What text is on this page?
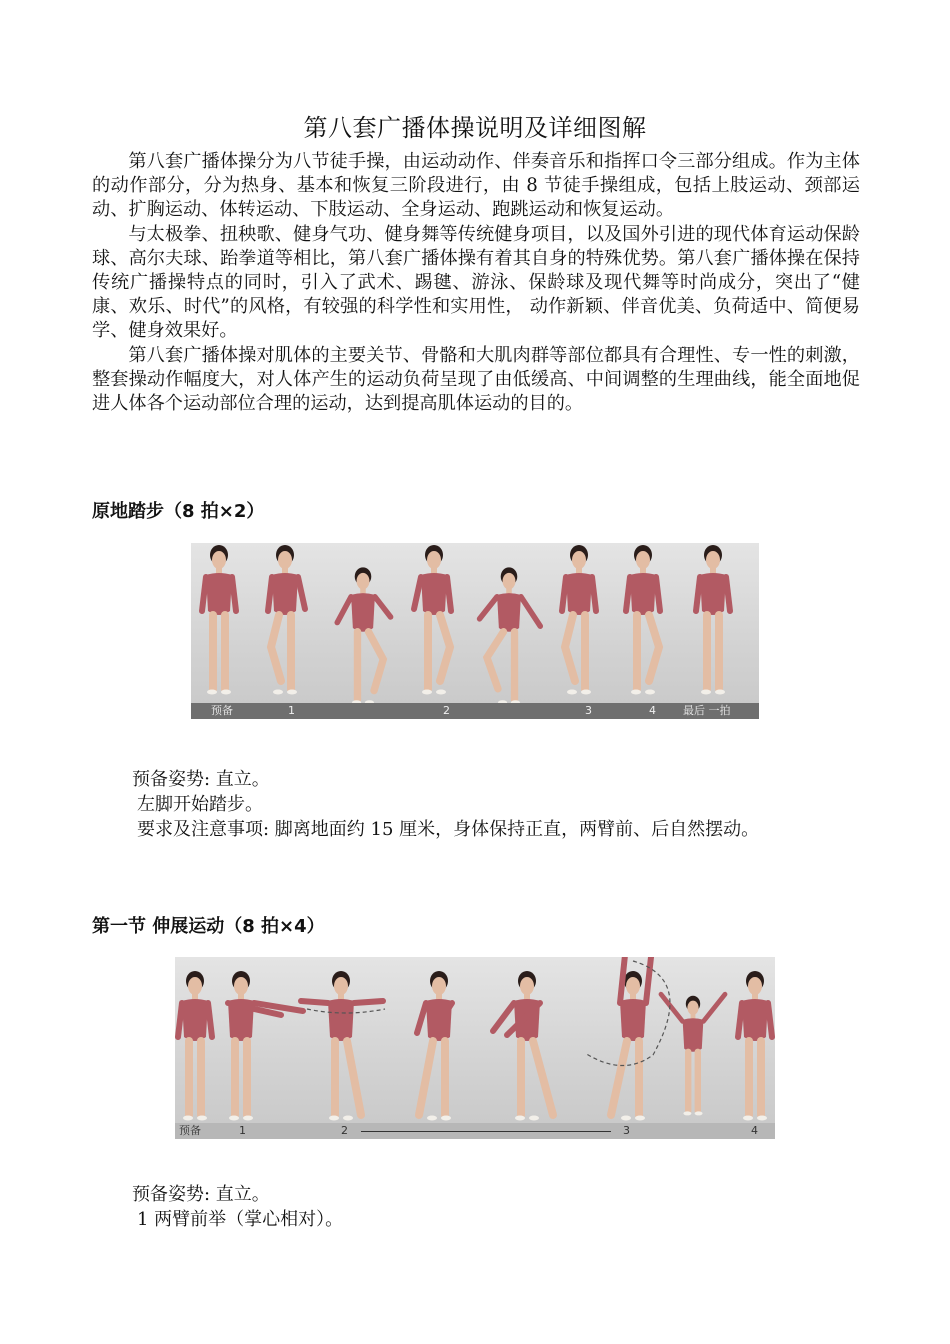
第八套广播体操说明及详细图解

第八套广播体操分为八节徒手操，由运动动作、伴奏音乐和指挥口令三部分组成。作为主体的动作部分，分为热身、基本和恢复三阶段进行，由 8 节徒手操组成，包括上肢运动、颈部运动、扩胸运动、体转运动、下肢运动、全身运动、跑跳运动和恢复运动。

与太极拳、扭秧歌、健身气功、健身舞等传统健身项目，以及国外引进的现代体育运动保龄球、高尔夫球、跆拳道等相比，第八套广播体操有着其自身的特殊优势。第八套广播体操在保持传统广播操特点的同时，引入了武术、踢毽、游泳、保龄球及现代舞等时尚成分，突出了“健康、欢乐、时代”的风格，有较强的科学性和实用性， 动作新颖、伴音优美、负荷适中、简便易学、健身效果好。

第八套广播体操对肌体的主要关节、骨骼和大肌肉群等部位都具有合理性、专一性的刺激，整套操动作幅度大，对人体产生的运动负荷呈现了由低缓高、中间调整的生理曲线，能全面地促进人体各个运动部位合理的运动，达到提高肌体运动的目的。

原地踏步（8 拍×2）
预备	1	2	3	4 最后 一拍

预备姿势: 直立。

左脚开始踏步。

要求及注意事项: 脚离地面约 15 厘米，身体保持正直，两臂前、后自然摆动。

第一节 伸展运动（8 拍×4）
预备	1	2	3	4

预备姿势: 直立。

1 两臂前举（掌心相对）。
